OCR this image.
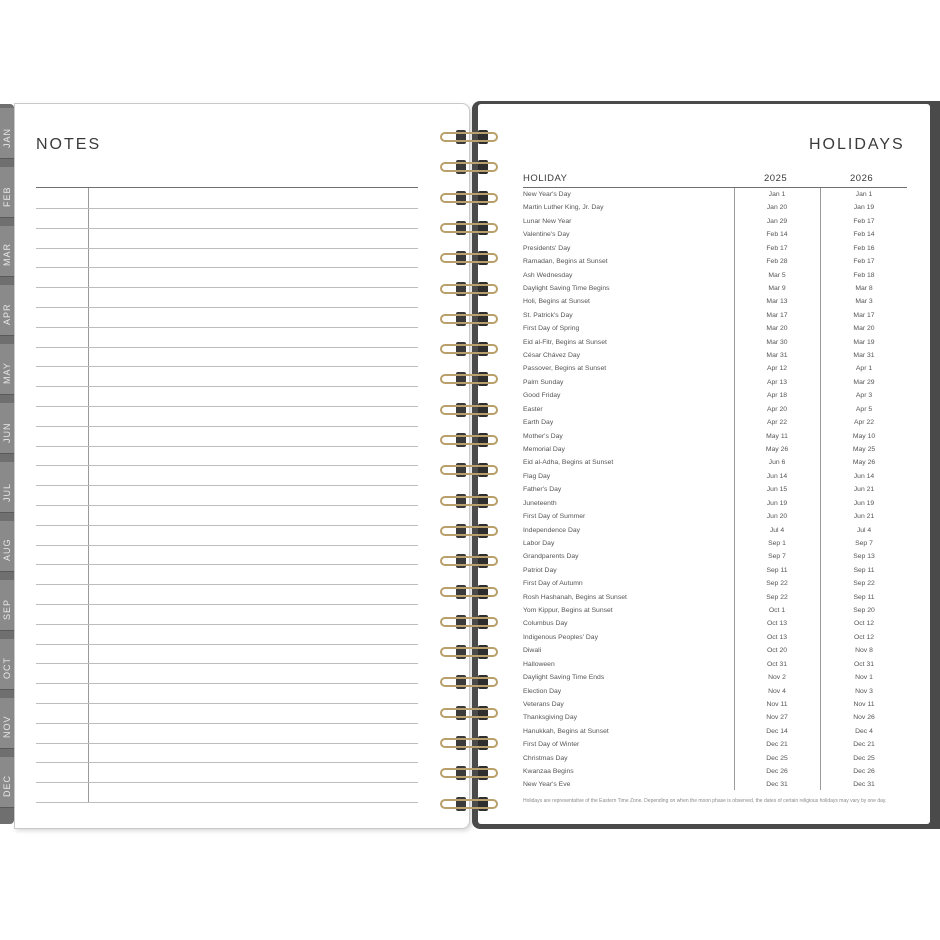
JAN
FEB
MAR
APR
MAY
JUN
JUL
AUG
SEP
OCT
NOV
DEC
NOTES	HOLIDAYS
HOLIDAY	2025	2026
New Year's Day	Jan 1	Jan 1
Martin Luther King, Jr. Day	Jan 20	Jan 19
Lunar New Year	Jan 29	Feb 17
Valentine's Day	Feb 14	Feb 14
Presidents' Day	Feb 17	Feb 16
Ramadan, Begins at Sunset	Feb 28	Feb 17
Ash Wednesday	Mar 5	Feb 18
Daylight Saving Time Begins	Mar 9	Mar 8
Holi, Begins at Sunset	Mar 13	Mar 3
St. Patrick's Day	Mar 17	Mar 17
First Day of Spring	Mar 20	Mar 20
Eid al-Fitr, Begins at Sunset	Mar 30	Mar 19
César Chávez Day	Mar 31	Mar 31
Passover, Begins at Sunset	Apr 12	Apr 1
Palm Sunday	Apr 13	Mar 29
Good Friday	Apr 18	Apr 3
Easter	Apr 20	Apr 5
Earth Day	Apr 22	Apr 22
Mother's Day	May 11	May 10
Memorial Day	May 26	May 25
Eid al-Adha, Begins at Sunset	Jun 6	May 26
Flag Day	Jun 14	Jun 14
Father's Day	Jun 15	Jun 21
Juneteenth	Jun 19	Jun 19
First Day of Summer	Jun 20	Jun 21
Independence Day	Jul 4	Jul 4
Labor Day	Sep 1	Sep 7
Grandparents Day	Sep 7	Sep 13
Patriot Day	Sep 11	Sep 11
First Day of Autumn	Sep 22	Sep 22
Rosh Hashanah, Begins at Sunset	Sep 22	Sep 11
Yom Kippur, Begins at Sunset	Oct 1	Sep 20
Columbus Day	Oct 13	Oct 12
Indigenous Peoples' Day	Oct 13	Oct 12
Diwali	Oct 20	Nov 8
Halloween	Oct 31	Oct 31
Daylight Saving Time Ends	Nov 2	Nov 1
Election Day	Nov 4	Nov 3
Veterans Day	Nov 11	Nov 11
Thanksgiving Day	Nov 27	Nov 26
Hanukkah, Begins at Sunset	Dec 14	Dec 4
First Day of Winter	Dec 21	Dec 21
Christmas Day	Dec 25	Dec 25
Kwanzaa Begins	Dec 26	Dec 26
New Year's Eve	Dec 31	Dec 31
Holidays are representative of the Eastern Time Zone. Depending on when the moon phase is observed, the dates of certain religious holidays may vary by one day.
